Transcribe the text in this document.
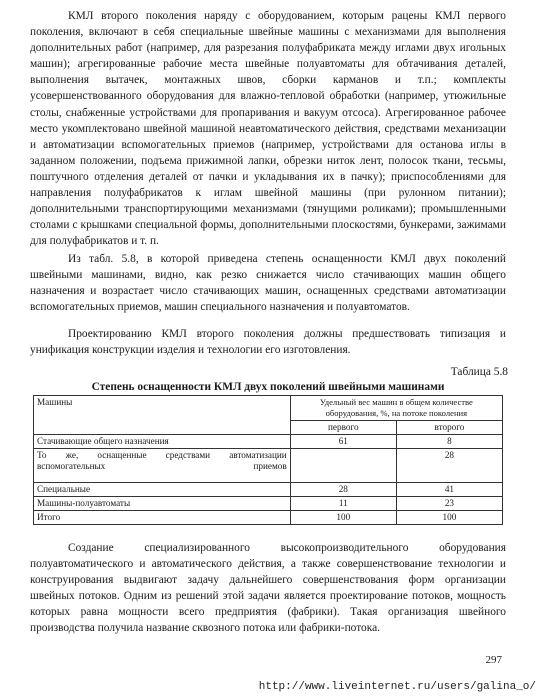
КМЛ второго поколения наряду с оборудованием, которым рацены КМЛ первого поколения, включают в себя специальные швейные машины с механизмами для выполнения дополнительных работ (например, для разрезания полуфабриката между иглами двух игольных машин); агрегированные рабочие места швейные полуавтоматы для обтачивания деталей, выполнения вытачек, монтажных швов, сборки карманов и т.п.; комплекты усовершенствованного оборудования для влажно-тепловой обработки (например, утюжильные столы, снабженные устройствами для пропаривания и вакуум отсоса). Агрегированное рабочее место укомплектовано швейной машиной неавтоматического действия, средствами механизации и автоматизации вспомогательных приемов (например, устройствами для останова иглы в заданном положении, подъема прижимной лапки, обрезки ниток лент, полосок ткани, тесьмы, поштучного отделения деталей от пачки и укладывания их в пачку); приспособлениями для направления полуфабрикатов к иглам швейной машины (при рулонном питании); дополнительными транспортирующими механизмами (тянущими роликами); промышленными столами с крышками специальной формы, дополнительными плоскостями, бункерами, зажимами для полуфабрикатов и т. п.

Из табл. 5.8, в которой приведена степень оснащенности КМЛ двух поколений швейными машинами, видно, как резко снижается число стачивающих машин общего назначения и возрастает число стачивающих машин, оснащенных средствами автоматизации вспомогательных приемов, машин специального назначения и полуавтоматов.

Проектированию КМЛ второго поколения должны предшествовать типизация и унификация конструкции изделия и технологии его изготовления.

Таблица 5.8

Степень оснащенности КМЛ двух поколений швейными машинами

Машины	Удельный вес машин в общем количестве оборудования, %, на потоке поколения	
	первого	второго
Стачивающие общего назначения	61	8
То же, оснащенные средствами автоматизации вспомогательных приемов		28
Специальные	28	41
Машины-полуавтоматы	11	23
Итого	100	100

Создание специализированного высокопроизводительного оборудования полуавтоматического и автоматического действия, а также совершенствование технологии и конструирования выдвигают задачу дальнейшего совершенствования форм организации швейных потоков. Одним из решений этой задачи является проектирование потоков, мощность которых равна мощности всего предприятия (фабрики). Такая организация швейного производства получила название сквозного потока или фабрики-потока.

297

http://www.liveinternet.ru/users/galina_o/
